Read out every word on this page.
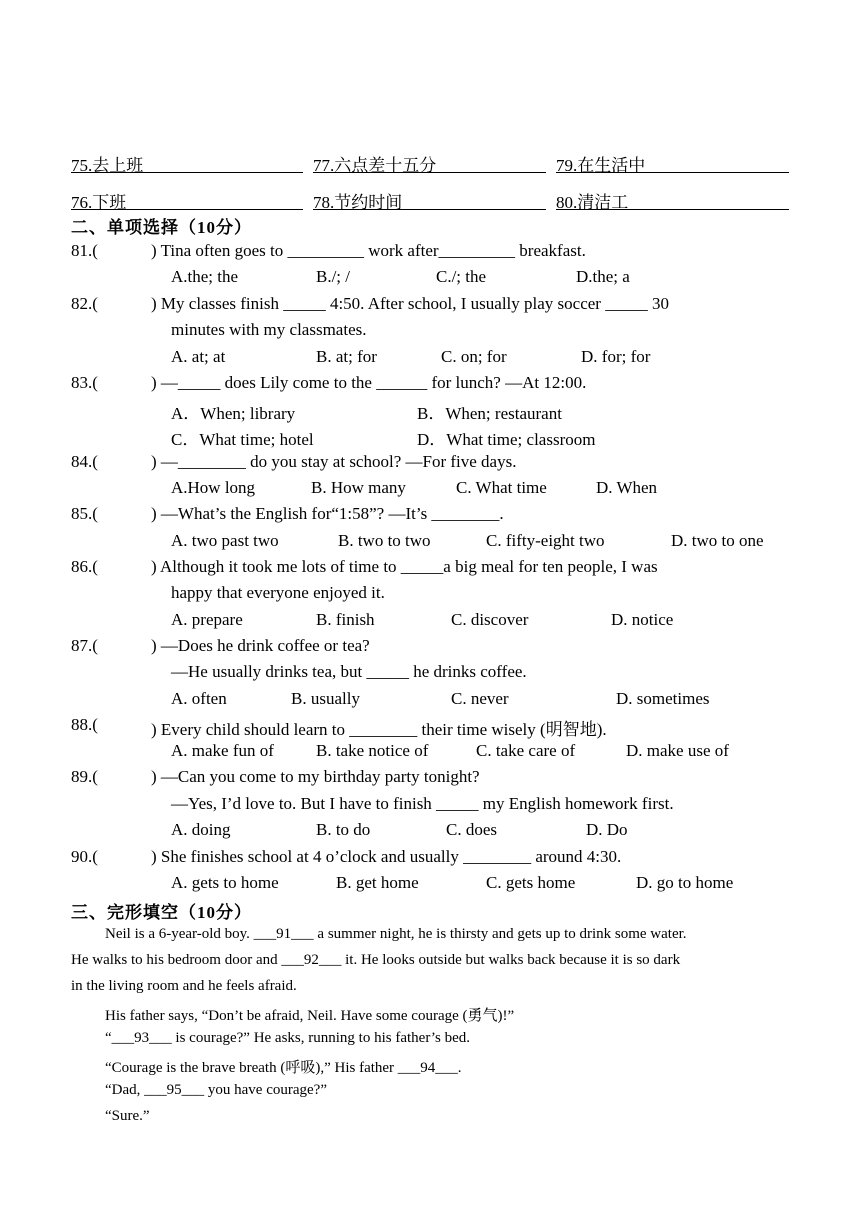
75.去上班	77.六点差十五分	79.在生活中
76.下班	78.节约时间	80.清洁工
二、单项选择（10分）
81.(	) Tina often goes to _________ work after_________ breakfast.
A.the; the	B./; /	C./; the	D.the; a
82.(	) My classes finish _____ 4:50. After school, I usually play soccer _____ 30
minutes with my classmates.
A. at; at	B. at; for	C. on; for	D. for; for
83.(	) —_____ does Lily come to the ______ for lunch? —At 12:00.
A．When; library	B．When; restaurant
C．What time; hotel	D．What time; classroom
84.(	) —________ do you stay at school? —For five days.
A.How long	B. How many	C. What time	D. When
85.(	) —What’s the English for“1:58”? —It’s ________.
A. two past two	B. two to two	C. fifty-eight two	D. two to one
86.(	) Although it took me lots of time to _____a big meal for ten people, I was
happy that everyone enjoyed it.
A. prepare	B. finish	C. discover	D. notice
87.(	) —Does he drink coffee or tea?
—He usually drinks tea, but _____ he drinks coffee.
A. often	B. usually	C. never	D. sometimes
88.(	) Every child should learn to ________ their time wisely (明智地).
A. make fun of B. take notice of	C. take care of	D. make use of
89.(	) —Can you come to my birthday party tonight?
—Yes, I’d love to. But I have to finish _____ my English homework first.
A. doing	B. to do	C. does	D. Do
90.(	) She finishes school at 4 o’clock and usually ________ around 4:30.
A. gets to home	B. get home	C. gets home	D. go to home
三、完形填空（10分）
Neil is a 6-year-old boy. ___91___ a summer night, he is thirsty and gets up to drink some water.
He walks to his bedroom door and ___92___ it. He looks outside but walks back because it is so dark
in the living room and he feels afraid.
His father says, “Don’t be afraid, Neil. Have some courage (勇气)!”
“___93___ is courage?” He asks, running to his father’s bed.
“Courage is the brave breath (呼吸),” His father ___94___.
“Dad, ___95___ you have courage?”
“Sure.”
